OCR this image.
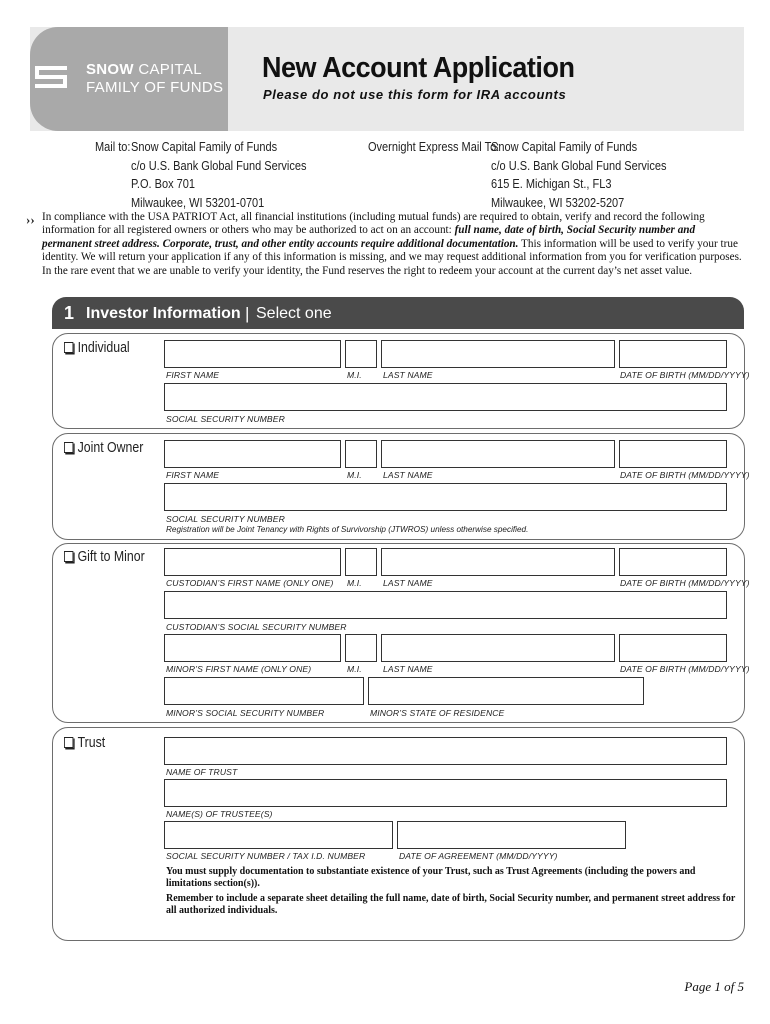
SNOW CAPITAL
FAMILY OF FUNDS
New Account Application
Please do not use this form for IRA accounts
Mail to: Snow Capital Family of Funds
c/o U.S. Bank Global Fund Services
P.O. Box 701
Milwaukee, WI 53201-0701
Overnight Express Mail To:
Snow Capital Family of Funds
c/o U.S. Bank Global Fund Services
615 E. Michigan St., FL3
Milwaukee, WI 53202-5207
›› In compliance with the USA PATRIOT Act, all financial institutions (including mutual funds) are required to obtain, verify and record the following information for all registered owners or others who may be authorized to act on an account: full name, date of birth, Social Security number and permanent street address. Corporate, trust, and other entity accounts require additional documentation. This information will be used to verify your true identity. We will return your application if any of this information is missing, and we may request additional information from you for verification purposes. In the rare event that we are unable to verify your identity, the Fund reserves the right to redeem your account at the current day’s net asset value.
1 Investor Information | Select one
Individual
FIRST NAME	M.I. LAST NAME	DATE OF BIRTH (MM/DD/YYYY)
SOCIAL SECURITY NUMBER
Joint Owner
FIRST NAME	M.I. LAST NAME	DATE OF BIRTH (MM/DD/YYYY)
SOCIAL SECURITY NUMBER
Registration will be Joint Tenancy with Rights of Survivorship (JTWROS) unless otherwise specified.
Gift to Minor
CUSTODIAN’S FIRST NAME (ONLY ONE) M.I. LAST NAME	DATE OF BIRTH (MM/DD/YYYY)
CUSTODIAN’S SOCIAL SECURITY NUMBER
MINOR’S FIRST NAME (ONLY ONE)	M.I. LAST NAME	DATE OF BIRTH (MM/DD/YYYY)
MINOR’S SOCIAL SECURITY NUMBER	MINOR’S STATE OF RESIDENCE
Trust
NAME OF TRUST
NAME(S) OF TRUSTEE(S)
SOCIAL SECURITY NUMBER / TAX I.D. NUMBER	DATE OF AGREEMENT (MM/DD/YYYY)
You must supply documentation to substantiate existence of your Trust, such as Trust Agreements (including the powers and limitations section(s)).
Remember to include a separate sheet detailing the full name, date of birth, Social Security number, and permanent street address for all authorized individuals.
Page 1 of 5
